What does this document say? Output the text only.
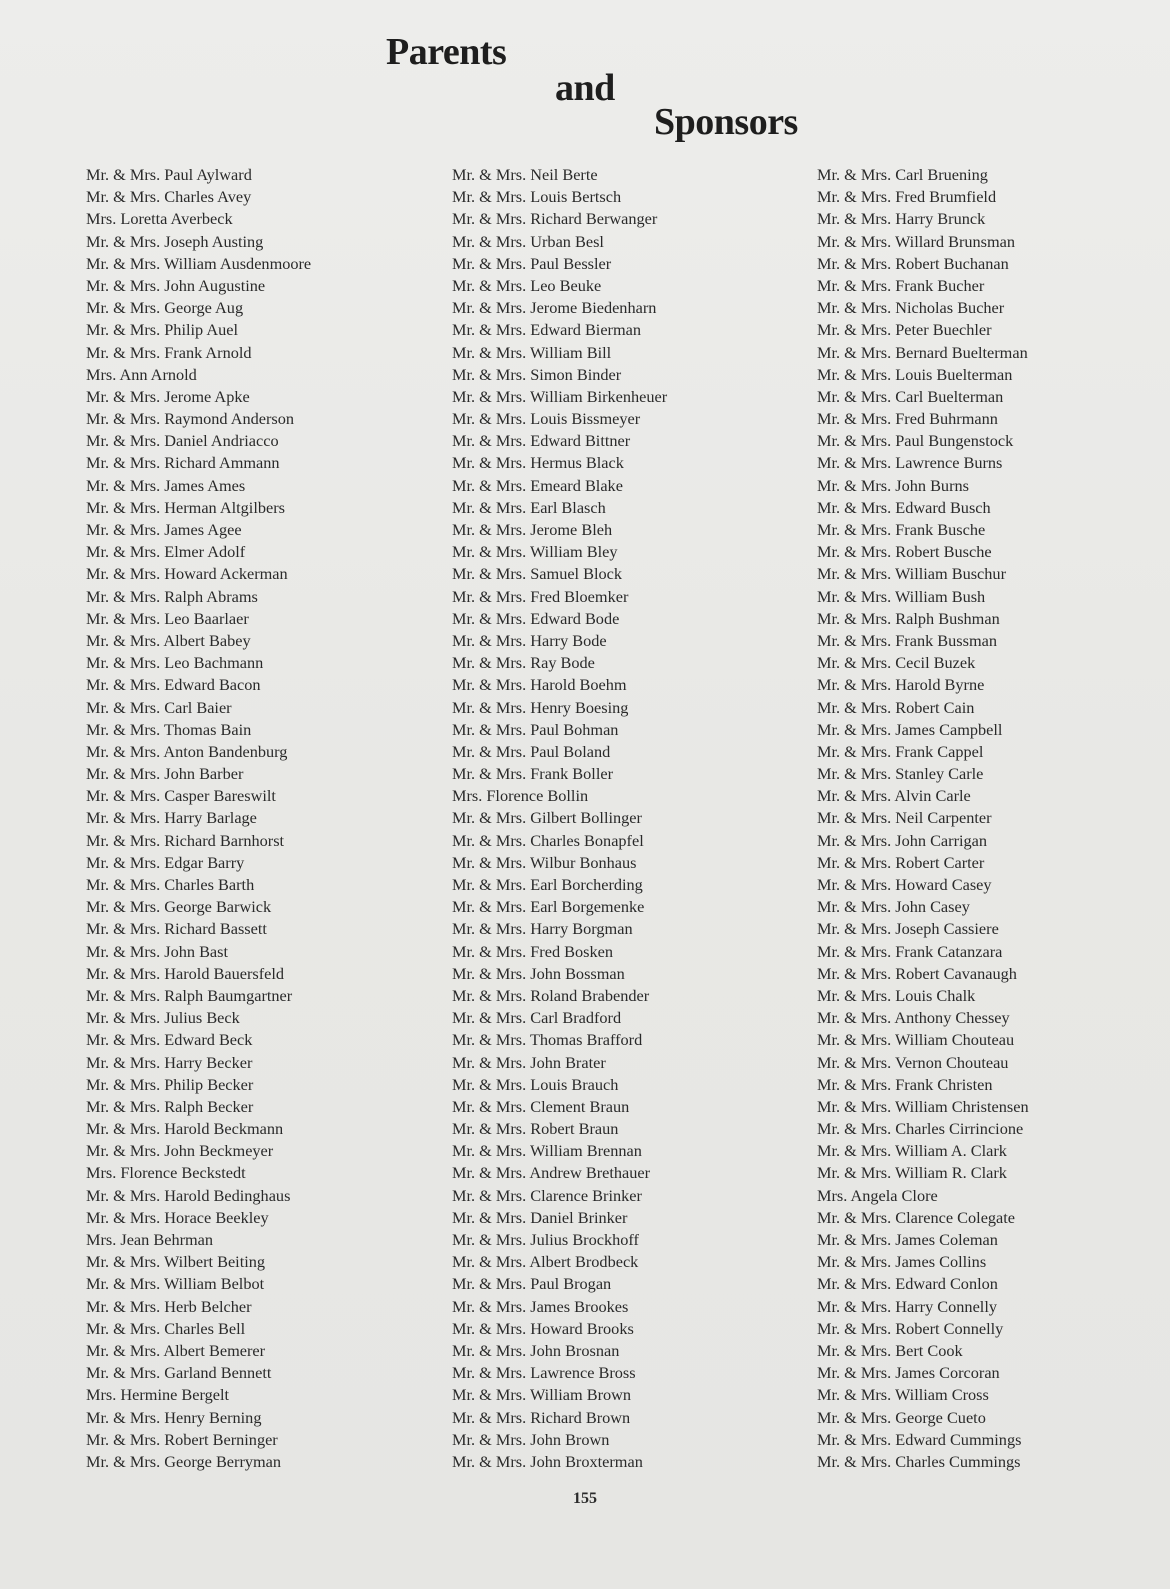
Parents
and
Sponsors
Mr. & Mrs. Paul Aylward
Mr. & Mrs. Charles Avey
Mrs. Loretta Averbeck
Mr. & Mrs. Joseph Austing
Mr. & Mrs. William Ausdenmoore
Mr. & Mrs. John Augustine
Mr. & Mrs. George Aug
Mr. & Mrs. Philip Auel
Mr. & Mrs. Frank Arnold
Mrs. Ann Arnold
Mr. & Mrs. Jerome Apke
Mr. & Mrs. Raymond Anderson
Mr. & Mrs. Daniel Andriacco
Mr. & Mrs. Richard Ammann
Mr. & Mrs. James Ames
Mr. & Mrs. Herman Altgilbers
Mr. & Mrs. James Agee
Mr. & Mrs. Elmer Adolf
Mr. & Mrs. Howard Ackerman
Mr. & Mrs. Ralph Abrams
Mr. & Mrs. Leo Baarlaer
Mr. & Mrs. Albert Babey
Mr. & Mrs. Leo Bachmann
Mr. & Mrs. Edward Bacon
Mr. & Mrs. Carl Baier
Mr. & Mrs. Thomas Bain
Mr. & Mrs. Anton Bandenburg
Mr. & Mrs. John Barber
Mr. & Mrs. Casper Bareswilt
Mr. & Mrs. Harry Barlage
Mr. & Mrs. Richard Barnhorst
Mr. & Mrs. Edgar Barry
Mr. & Mrs. Charles Barth
Mr. & Mrs. George Barwick
Mr. & Mrs. Richard Bassett
Mr. & Mrs. John Bast
Mr. & Mrs. Harold Bauersfeld
Mr. & Mrs. Ralph Baumgartner
Mr. & Mrs. Julius Beck
Mr. & Mrs. Edward Beck
Mr. & Mrs. Harry Becker
Mr. & Mrs. Philip Becker
Mr. & Mrs. Ralph Becker
Mr. & Mrs. Harold Beckmann
Mr. & Mrs. John Beckmeyer
Mrs. Florence Beckstedt
Mr. & Mrs. Harold Bedinghaus
Mr. & Mrs. Horace Beekley
Mrs. Jean Behrman
Mr. & Mrs. Wilbert Beiting
Mr. & Mrs. William Belbot
Mr. & Mrs. Herb Belcher
Mr. & Mrs. Charles Bell
Mr. & Mrs. Albert Bemerer
Mr. & Mrs. Garland Bennett
Mrs. Hermine Bergelt
Mr. & Mrs. Henry Berning
Mr. & Mrs. Robert Berninger
Mr. & Mrs. George Berryman
Mr. & Mrs. Neil Berte
Mr. & Mrs. Louis Bertsch
Mr. & Mrs. Richard Berwanger
Mr. & Mrs. Urban Besl
Mr. & Mrs. Paul Bessler
Mr. & Mrs. Leo Beuke
Mr. & Mrs. Jerome Biedenharn
Mr. & Mrs. Edward Bierman
Mr. & Mrs. William Bill
Mr. & Mrs. Simon Binder
Mr. & Mrs. William Birkenheuer
Mr. & Mrs. Louis Bissmeyer
Mr. & Mrs. Edward Bittner
Mr. & Mrs. Hermus Black
Mr. & Mrs. Emeard Blake
Mr. & Mrs. Earl Blasch
Mr. & Mrs. Jerome Bleh
Mr. & Mrs. William Bley
Mr. & Mrs. Samuel Block
Mr. & Mrs. Fred Bloemker
Mr. & Mrs. Edward Bode
Mr. & Mrs. Harry Bode
Mr. & Mrs. Ray Bode
Mr. & Mrs. Harold Boehm
Mr. & Mrs. Henry Boesing
Mr. & Mrs. Paul Bohman
Mr. & Mrs. Paul Boland
Mr. & Mrs. Frank Boller
Mrs. Florence Bollin
Mr. & Mrs. Gilbert Bollinger
Mr. & Mrs. Charles Bonapfel
Mr. & Mrs. Wilbur Bonhaus
Mr. & Mrs. Earl Borcherding
Mr. & Mrs. Earl Borgemenke
Mr. & Mrs. Harry Borgman
Mr. & Mrs. Fred Bosken
Mr. & Mrs. John Bossman
Mr. & Mrs. Roland Brabender
Mr. & Mrs. Carl Bradford
Mr. & Mrs. Thomas Brafford
Mr. & Mrs. John Brater
Mr. & Mrs. Louis Brauch
Mr. & Mrs. Clement Braun
Mr. & Mrs. Robert Braun
Mr. & Mrs. William Brennan
Mr. & Mrs. Andrew Brethauer
Mr. & Mrs. Clarence Brinker
Mr. & Mrs. Daniel Brinker
Mr. & Mrs. Julius Brockhoff
Mr. & Mrs. Albert Brodbeck
Mr. & Mrs. Paul Brogan
Mr. & Mrs. James Brookes
Mr. & Mrs. Howard Brooks
Mr. & Mrs. John Brosnan
Mr. & Mrs. Lawrence Bross
Mr. & Mrs. William Brown
Mr. & Mrs. Richard Brown
Mr. & Mrs. John Brown
Mr. & Mrs. John Broxterman
Mr. & Mrs. Carl Bruening
Mr. & Mrs. Fred Brumfield
Mr. & Mrs. Harry Brunck
Mr. & Mrs. Willard Brunsman
Mr. & Mrs. Robert Buchanan
Mr. & Mrs. Frank Bucher
Mr. & Mrs. Nicholas Bucher
Mr. & Mrs. Peter Buechler
Mr. & Mrs. Bernard Buelterman
Mr. & Mrs. Louis Buelterman
Mr. & Mrs. Carl Buelterman
Mr. & Mrs. Fred Buhrmann
Mr. & Mrs. Paul Bungenstock
Mr. & Mrs. Lawrence Burns
Mr. & Mrs. John Burns
Mr. & Mrs. Edward Busch
Mr. & Mrs. Frank Busche
Mr. & Mrs. Robert Busche
Mr. & Mrs. William Buschur
Mr. & Mrs. William Bush
Mr. & Mrs. Ralph Bushman
Mr. & Mrs. Frank Bussman
Mr. & Mrs. Cecil Buzek
Mr. & Mrs. Harold Byrne
Mr. & Mrs. Robert Cain
Mr. & Mrs. James Campbell
Mr. & Mrs. Frank Cappel
Mr. & Mrs. Stanley Carle
Mr. & Mrs. Alvin Carle
Mr. & Mrs. Neil Carpenter
Mr. & Mrs. John Carrigan
Mr. & Mrs. Robert Carter
Mr. & Mrs. Howard Casey
Mr. & Mrs. John Casey
Mr. & Mrs. Joseph Cassiere
Mr. & Mrs. Frank Catanzara
Mr. & Mrs. Robert Cavanaugh
Mr. & Mrs. Louis Chalk
Mr. & Mrs. Anthony Chessey
Mr. & Mrs. William Chouteau
Mr. & Mrs. Vernon Chouteau
Mr. & Mrs. Frank Christen
Mr. & Mrs. William Christensen
Mr. & Mrs. Charles Cirrincione
Mr. & Mrs. William A. Clark
Mr. & Mrs. William R. Clark
Mrs. Angela Clore
Mr. & Mrs. Clarence Colegate
Mr. & Mrs. James Coleman
Mr. & Mrs. James Collins
Mr. & Mrs. Edward Conlon
Mr. & Mrs. Harry Connelly
Mr. & Mrs. Robert Connelly
Mr. & Mrs. Bert Cook
Mr. & Mrs. James Corcoran
Mr. & Mrs. William Cross
Mr. & Mrs. George Cueto
Mr. & Mrs. Edward Cummings
Mr. & Mrs. Charles Cummings
155
